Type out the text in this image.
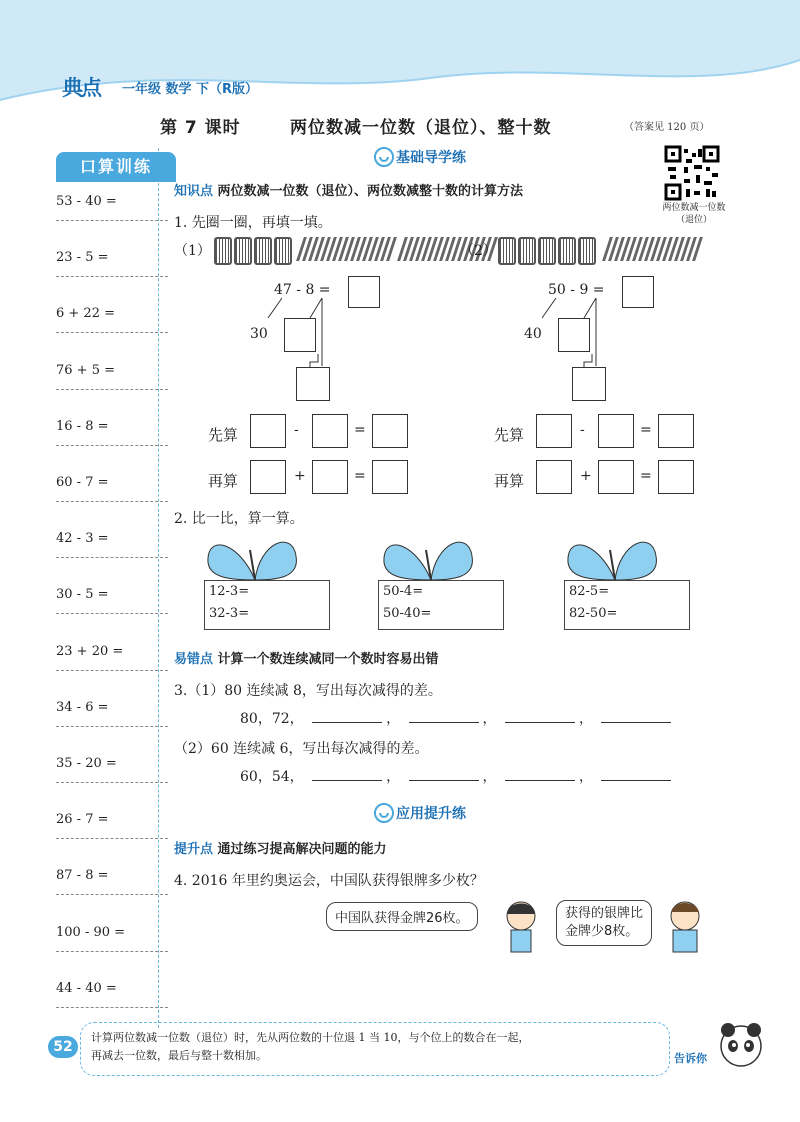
典点 一年级 数学 下（R版）
第 7 课时	两位数减一位数（退位）、整十数	（答案见 120 页）
两位数减一位数（退位）
口算训练
53 - 40 =
23 - 5 =
6 + 22 =
76 + 5 =
16 - 8 =
60 - 7 =
42 - 3 =
30 - 5 =
23 + 20 =
34 - 6 =
35 - 20 =
26 - 7 =
87 - 8 =
100 - 90 =
44 - 40 =
基础导学练
知识点 两位数减一位数（退位）、两位数减整十数的计算方法
1. 先圈一圈，再填一填。
（1）

47 - 8 =
30
（2）
50 - 9 =
40
先算	-	=
再算	+	=
先算	-	=
再算	+	=
2. 比一比，算一算。
12-3=
32-3=
50-4=
50-40=
82-5=
82-50=
易错点 计算一个数连续减同一个数时容易出错
3.（1）80 连续减 8，写出每次减得的差。
80，72，	，	，	，
（2）60 连续减 6，写出每次减得的差。
60，54，	，	，	，
应用提升练
提升点 通过练习提高解决问题的能力
4. 2016 年里约奥运会，中国队获得银牌多少枚？
中国队获得金牌26枚。	获得的银牌比
金牌少8枚。
52
计算两位数减一位数（退位）时，先从两位数的十位退 1 当 10，与个位上的数合在一起，
再减去一位数，最后与整十数相加。	告诉你
